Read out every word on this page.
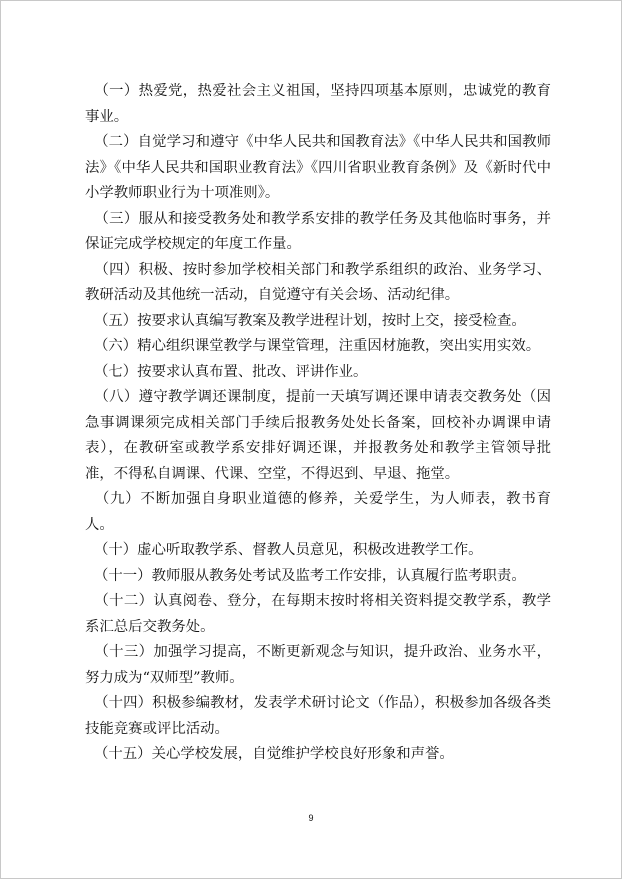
（一）热爱党，热爱社会主义祖国，坚持四项基本原则，忠诚党的教育事业。

（二）自觉学习和遵守《中华人民共和国教育法》《中华人民共和国教师法》《中华人民共和国职业教育法》《四川省职业教育条例》及《新时代中小学教师职业行为十项准则》。

（三）服从和接受教务处和教学系安排的教学任务及其他临时事务，并保证完成学校规定的年度工作量。

（四）积极、按时参加学校相关部门和教学系组织的政治、业务学习、教研活动及其他统一活动，自觉遵守有关会场、活动纪律。

（五）按要求认真编写教案及教学进程计划，按时上交，接受检查。

（六）精心组织课堂教学与课堂管理，注重因材施教，突出实用实效。

（七）按要求认真布置、批改、评讲作业。

（八）遵守教学调还课制度，提前一天填写调还课申请表交教务处（因急事调课须完成相关部门手续后报教务处处长备案，回校补办调课申请表），在教研室或教学系安排好调还课，并报教务处和教学主管领导批准，不得私自调课、代课、空堂，不得迟到、早退、拖堂。

（九）不断加强自身职业道德的修养，关爱学生，为人师表，教书育人。

（十）虚心听取教学系、督教人员意见，积极改进教学工作。

（十一）教师服从教务处考试及监考工作安排，认真履行监考职责。

（十二）认真阅卷、登分，在每期末按时将相关资料提交教学系，教学系汇总后交教务处。

（十三）加强学习提高，不断更新观念与知识，提升政治、业务水平，努力成为“双师型”教师。

（十四）积极参编教材，发表学术研讨论文（作品），积极参加各级各类技能竞赛或评比活动。

（十五）关心学校发展，自觉维护学校良好形象和声誉。

9
